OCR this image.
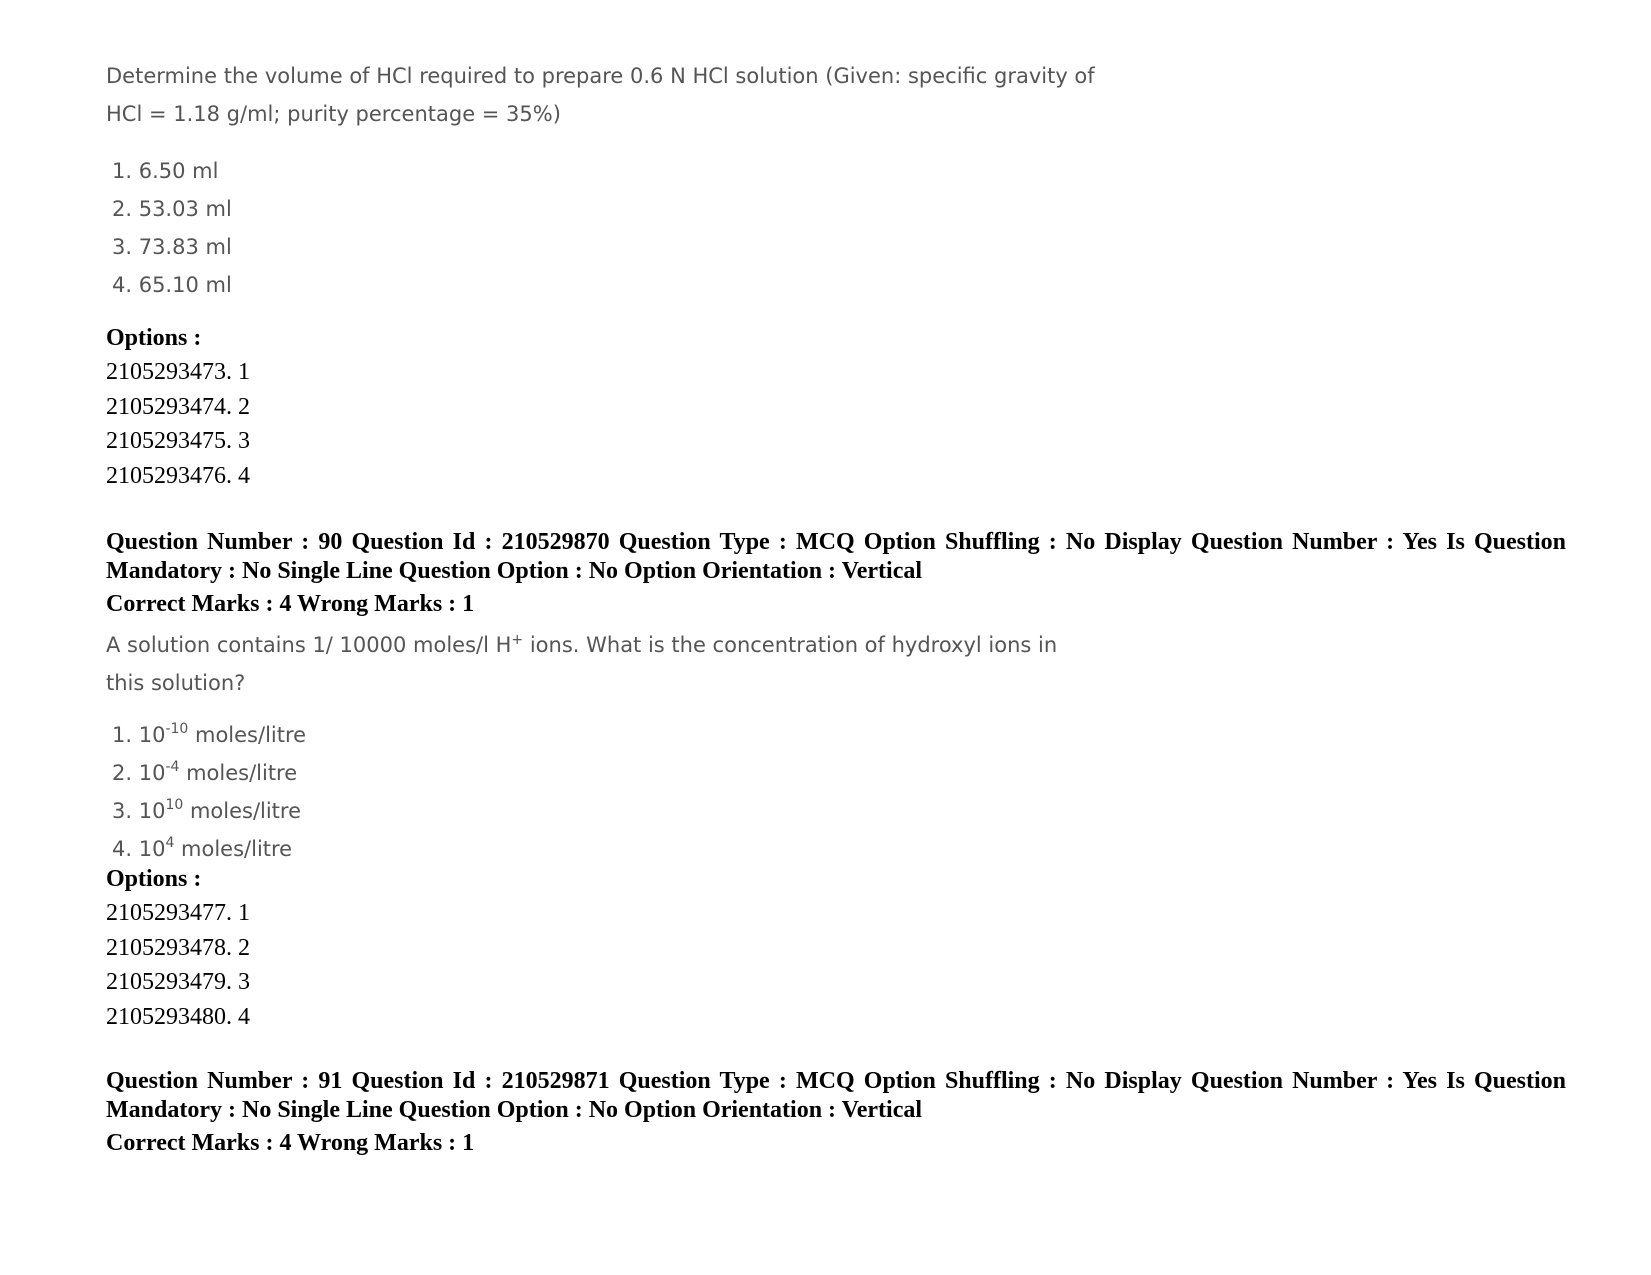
Determine the volume of HCl required to prepare 0.6 N HCl solution (Given: specific gravity of

HCl = 1.18 g/ml; purity percentage = 35%)

1. 6.50 ml
2. 53.03 ml
3. 73.83 ml
4. 65.10 ml

Options :

2105293473. 1
2105293474. 2
2105293475. 3
2105293476. 4

Question Number : 90 Question Id : 210529870 Question Type : MCQ Option Shuffling : No Display Question Number : Yes Is Question Mandatory : No Single Line Question Option : No Option Orientation : Vertical

Correct Marks : 4 Wrong Marks : 1

A solution contains 1/ 10000 moles/l H+ ions. What is the concentration of hydroxyl ions in

this solution?

1. $10^{-10}$ moles/litre
2. $10^{-4}$ moles/litre
3. $10^{10}$ moles/litre
4. $10^4$ moles/litre

Options :

2105293477. 1
2105293478. 2
2105293479. 3
2105293480. 4

Question Number : 91 Question Id : 210529871 Question Type : MCQ Option Shuffling : No Display Question Number : Yes Is Question Mandatory : No Single Line Question Option : No Option Orientation : Vertical

Correct Marks : 4 Wrong Marks : 1
